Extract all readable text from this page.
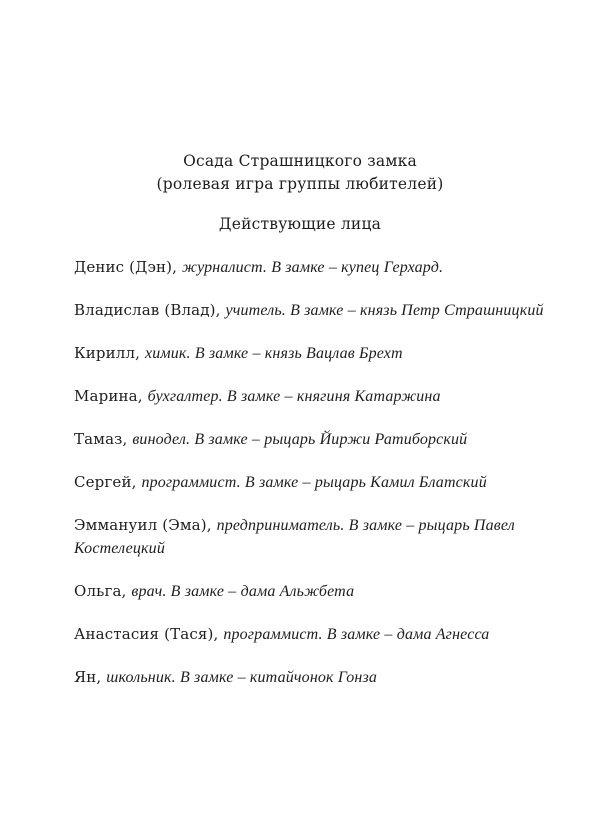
Осада Страшницкого замка
(ролевая игра группы любителей)
Действующие лица
Денис (Дэн), журналист. В замке – купец Герхард.
Владислав (Влад), учитель. В замке – князь Петр Страшницкий
Кирилл, химик. В замке – князь Вацлав Брехт
Марина, бухгалтер. В замке – княгиня Катаржина
Тамаз, винодел. В замке – рыцарь Йиржи Ратиборский
Сергей, программист. В замке – рыцарь Камил Блатский
Эммануил (Эма), предприниматель. В замке – рыцарь Павел Костелецкий
Ольга, врач. В замке – дама Альжбета
Анастасия (Тася), программист. В замке – дама Агнесса
Ян, школьник. В замке – китайчонок Гонза
